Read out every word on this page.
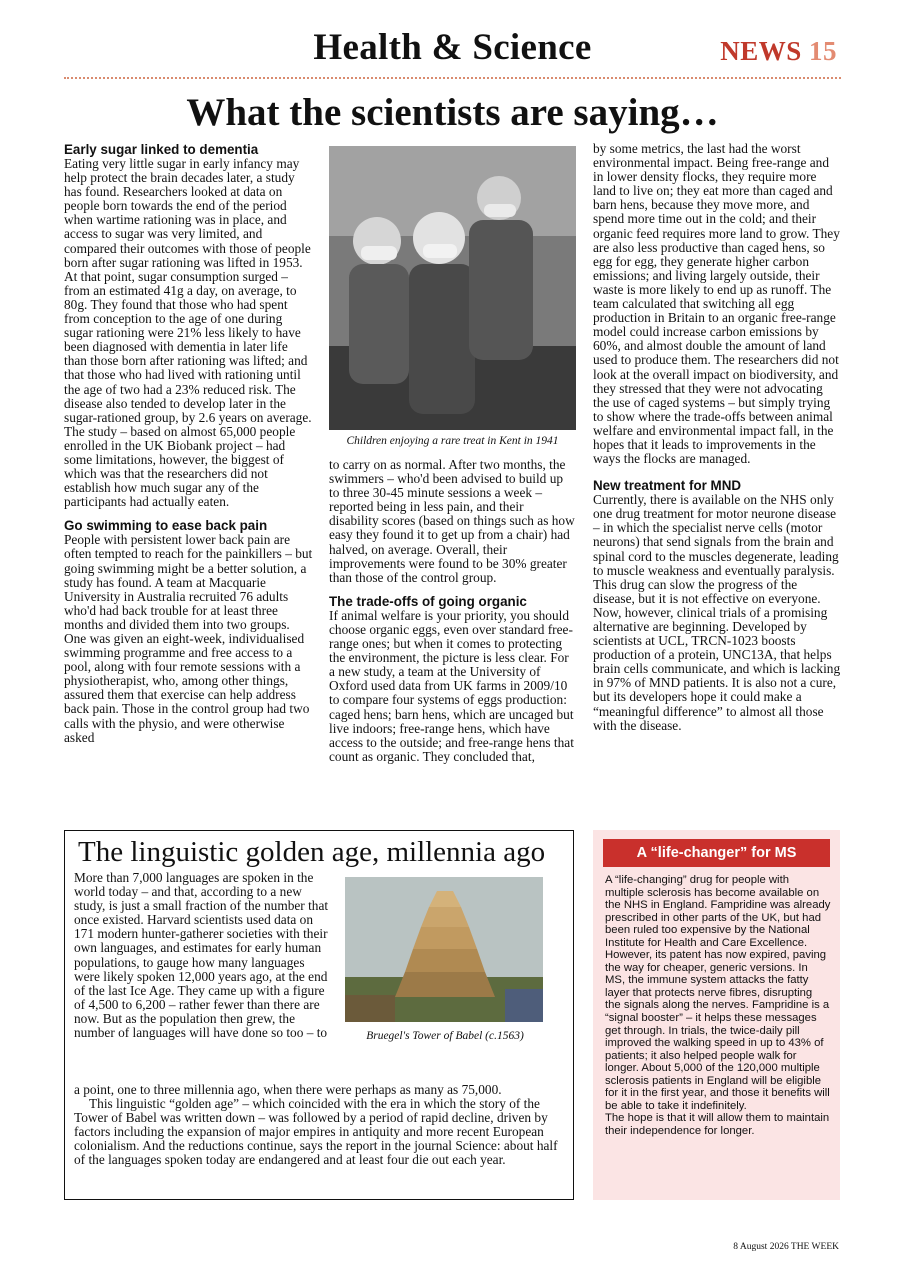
Health & Science	NEWS 15
What the scientists are saying…
Early sugar linked to dementia

Eating very little sugar in early infancy may help protect the brain decades later, a study has found. Researchers looked at data on people born towards the end of the period when wartime rationing was in place, and access to sugar was very limited, and compared their outcomes with those of people born after sugar rationing was lifted in 1953. At that point, sugar consumption surged – from an estimated 41g a day, on average, to 80g. They found that those who had spent from conception to the age of one during sugar rationing were 21% less likely to have been diagnosed with dementia in later life than those born after rationing was lifted; and that those who had lived with rationing until the age of two had a 23% reduced risk. The disease also tended to develop later in the sugar-rationed group, by 2.6 years on average. The study – based on almost 65,000 people enrolled in the UK Biobank project – had some limitations, however, the biggest of which was that the researchers did not establish how much sugar any of the participants had actually eaten.

Go swimming to ease back pain

People with persistent lower back pain are often tempted to reach for the painkillers – but going swimming might be a better solution, a study has found. A team at Macquarie University in Australia recruited 76 adults who'd had back trouble for at least three months and divided them into two groups. One was given an eight-week, individualised swimming programme and free access to a pool, along with four remote sessions with a physiotherapist, who, among other things, assured them that exercise can help address back pain. Those in the control group had two calls with the physio, and were otherwise asked

Children enjoying a rare treat in Kent in 1941

to carry on as normal. After two months, the swimmers – who'd been advised to build up to three 30-45 minute sessions a week – reported being in less pain, and their disability scores (based on things such as how easy they found it to get up from a chair) had halved, on average. Overall, their improvements were found to be 30% greater than those of the control group.

The trade-offs of going organic

If animal welfare is your priority, you should choose organic eggs, even over standard free-range ones; but when it comes to protecting the environment, the picture is less clear. For a new study, a team at the University of Oxford used data from UK farms in 2009/10 to compare four systems of eggs production: caged hens; barn hens, which are uncaged but live indoors; free-range hens, which have access to the outside; and free-range hens that count as organic. They concluded that,

by some metrics, the last had the worst environmental impact. Being free-range and in lower density flocks, they require more land to live on; they eat more than caged and barn hens, because they move more, and spend more time out in the cold; and their organic feed requires more land to grow. They are also less productive than caged hens, so egg for egg, they generate higher carbon emissions; and living largely outside, their waste is more likely to end up as runoff. The team calculated that switching all egg production in Britain to an organic free-range model could increase carbon emissions by 60%, and almost double the amount of land used to produce them. The researchers did not look at the overall impact on biodiversity, and they stressed that they were not advocating the use of caged systems – but simply trying to show where the trade-offs between animal welfare and environmental impact fall, in the hopes that it leads to improvements in the ways the flocks are managed.

New treatment for MND

Currently, there is available on the NHS only one drug treatment for motor neurone disease – in which the specialist nerve cells (motor neurons) that send signals from the brain and spinal cord to the muscles degenerate, leading to muscle weakness and eventually paralysis. This drug can slow the progress of the disease, but it is not effective on everyone. Now, however, clinical trials of a promising alternative are beginning. Developed by scientists at UCL, TRCN-1023 boosts production of a protein, UNC13A, that helps brain cells communicate, and which is lacking in 97% of MND patients. It is also not a cure, but its developers hope it could make a “meaningful difference” to almost all those with the disease.

The linguistic golden age, millennia ago
Bruegel's Tower of Babel (c.1563)

More than 7,000 languages are spoken in the world today – and that, according to a new study, is just a small fraction of the number that once existed. Harvard scientists used data on 171 modern hunter-gatherer societies with their own languages, and estimates for early human populations, to gauge how many languages were likely spoken 12,000 years ago, at the end of the last Ice Age. They came up with a figure of 4,500 to 6,200 – rather fewer than there are now. But as the population then grew, the number of languages will have done so too – to

a point, one to three millennia ago, when there were perhaps as many as 75,000.

This linguistic “golden age” – which coincided with the era in which the story of the Tower of Babel was written down – was followed by a period of rapid decline, driven by factors including the expansion of major empires in antiquity and more recent European colonialism. And the reductions continue, says the report in the journal Science: about half of the languages spoken today are endangered and at least four die out each year.

A “life-changer” for MS
A “life-changing” drug for people with multiple sclerosis has become available on the NHS in England. Fampridine was already prescribed in other parts of the UK, but had been ruled too expensive by the National Institute for Health and Care Excellence. However, its patent has now expired, paving the way for cheaper, generic versions. In MS, the immune system attacks the fatty layer that protects nerve fibres, disrupting the signals along the nerves. Fampridine is a “signal booster” – it helps these messages get through. In trials, the twice-daily pill improved the walking speed in up to 43% of patients; it also helped people walk for longer. About 5,000 of the 120,000 multiple sclerosis patients in England will be eligible for it in the first year, and those it benefits will be able to take it indefinitely.
The hope is that it will allow them to maintain their independence for longer.
8 August 2026 THE WEEK
